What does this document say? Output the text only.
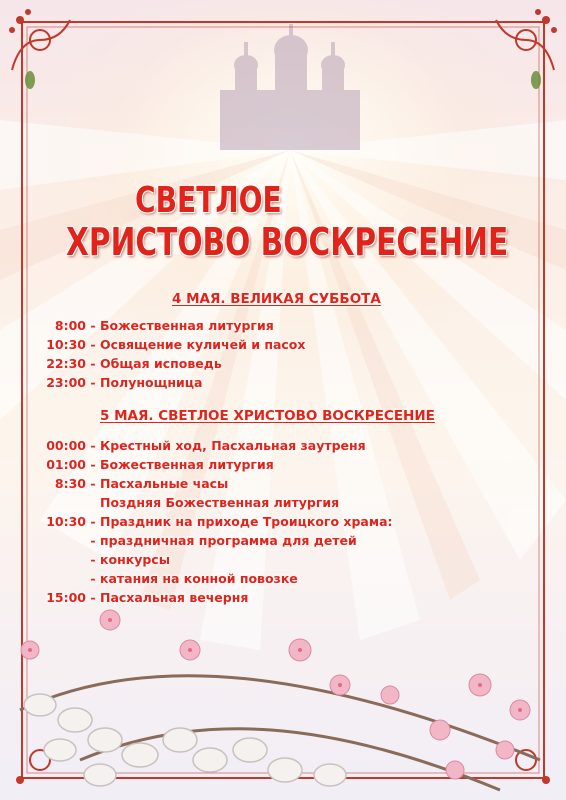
СВЕТЛОЕ
ХРИСТОВО ВОСКРЕСЕНИЕ
4 МАЯ. ВЕЛИКАЯ СУББОТА
8:00 - Божественная литургия
10:30 - Освящение куличей и пасох
22:30 - Общая исповедь
23:00 - Полунощница
5 МАЯ. СВЕТЛОЕ ХРИСТОВО ВОСКРЕСЕНИЕ
00:00 - Крестный ход, Пасхальная заутреня
01:00 - Божественная литургия
8:30 - Пасхальные часы
Поздняя Божественная литургия
10:30 - Праздник на приходе Троицкого храма:
- праздничная программа для детей
- конкурсы
- катания на конной повозке
15:00 - Пасхальная вечерня
